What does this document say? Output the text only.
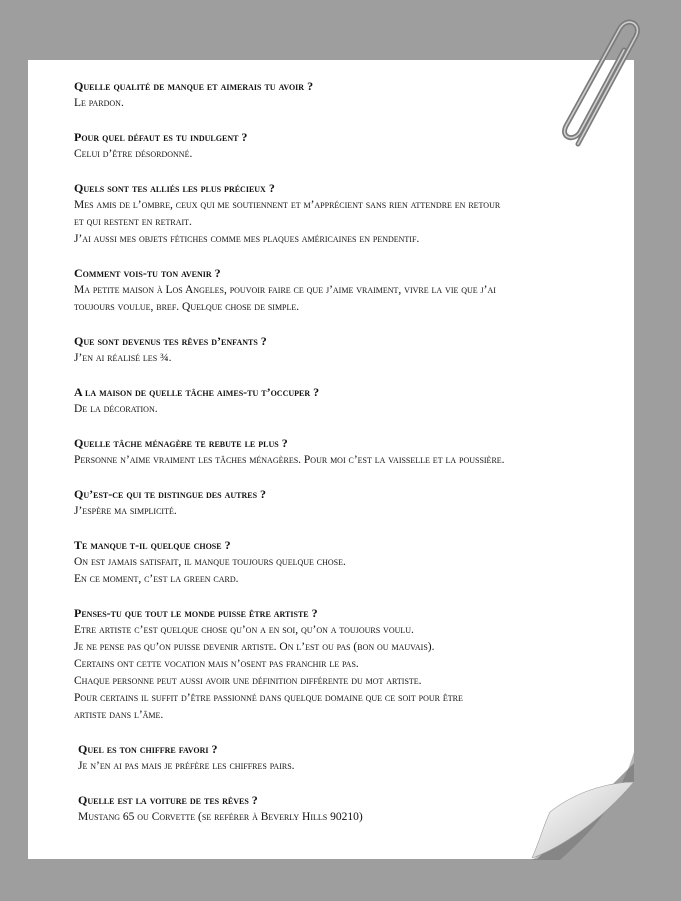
Quelle qualité de manque et aimerais tu avoir ?

Le pardon.

Pour quel défaut es tu indulgent ?

Celui d’être désordonné.

Quels sont tes alliés les plus précieux ?

Mes amis de l’ombre, ceux qui me soutiennent et m’apprécient sans rien attendre en retour

et qui restent en retrait.

J’ai aussi mes objets fétiches comme mes plaques américaines en pendentif.

Comment vois-tu ton avenir ?

Ma petite maison à Los Angeles, pouvoir faire ce que j’aime vraiment, vivre la vie que j’ai

toujours voulue, bref. Quelque chose de simple.

Que sont devenus tes rêves d’enfants ?

J’en ai réalisé les ¾.

A la maison de quelle tâche aimes-tu t’occuper ?

De la décoration.

Quelle tâche ménagère te rebute le plus ?

Personne n’aime vraiment les tâches ménagères. Pour moi c’est la vaisselle et la poussière.

Qu’est-ce qui te distingue des autres ?

J’espère ma simplicité.

Te manque t-il quelque chose ?

On est jamais satisfait, il manque toujours quelque chose.

En ce moment, c’est la green card.

Penses-tu que tout le monde puisse être artiste ?

Etre artiste c’est quelque chose qu’on a en soi, qu’on a toujours voulu.

Je ne pense pas qu’on puisse devenir artiste. On l’est ou pas (bon ou mauvais).

Certains ont cette vocation mais n’osent pas franchir le pas.

Chaque personne peut aussi avoir une définition différente du mot artiste.

Pour certains il suffit d’être passionné dans quelque domaine que ce soit pour être

artiste dans l’âme.

Quel es ton chiffre favori ?

Je n’en ai pas mais je préfère les chiffres pairs.

Quelle est la voiture de tes rêves ?

Mustang 65 ou Corvette (se reférer à Beverly Hills 90210)
